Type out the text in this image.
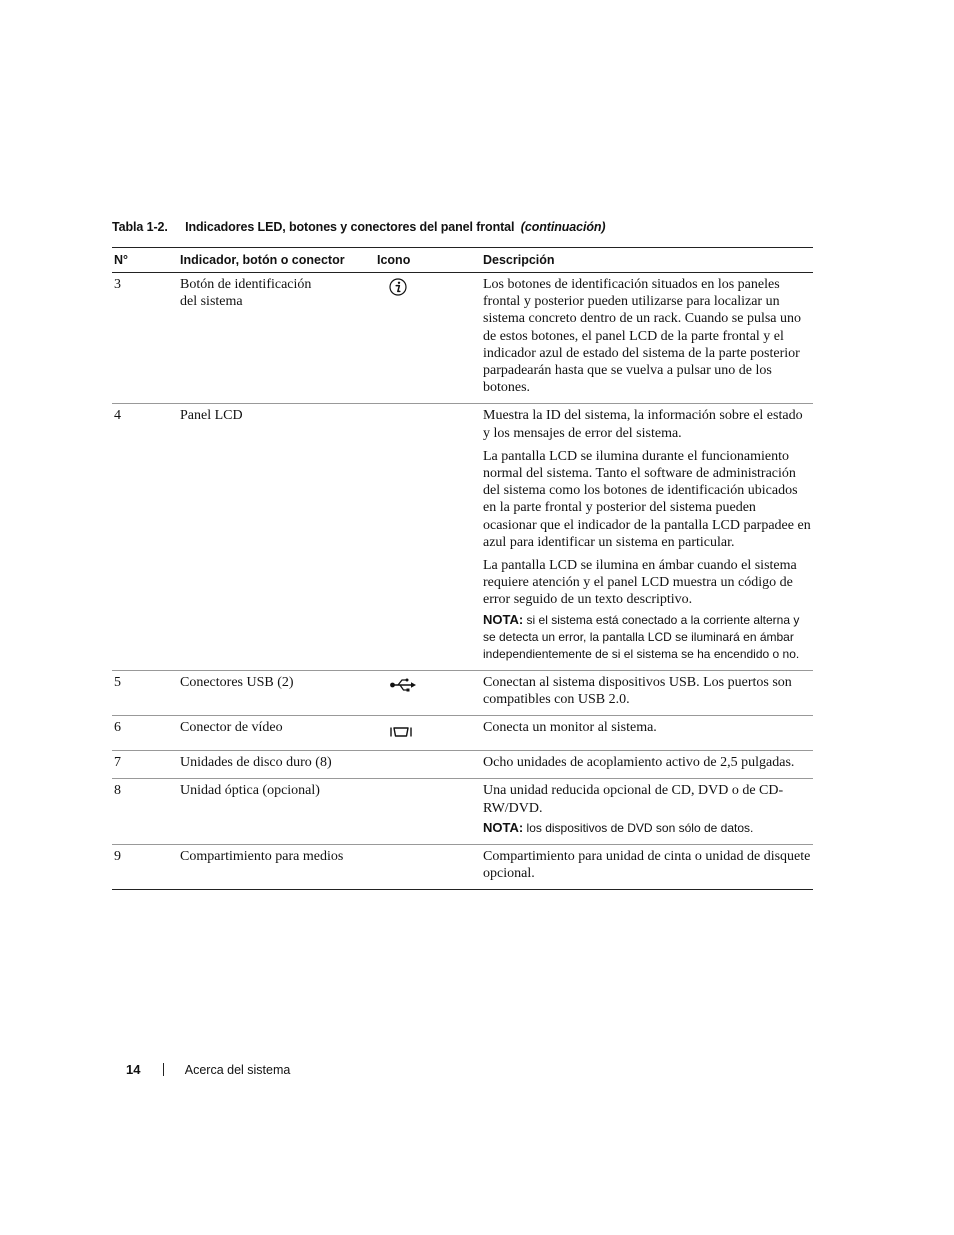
Tabla 1-2. Indicadores LED, botones y conectores del panel frontal (continuación)
N°	Indicador, botón o conector	Icono	Descripción
3	Botón de identificación
del sistema		Los botones de identificación situados en los paneles frontal y posterior pueden utilizarse para localizar un sistema concreto dentro de un rack. Cuando se pulsa uno de estos botones, el panel LCD de la parte frontal y el indicador azul de estado del sistema de la parte posterior parpadearán hasta que se vuelva a pulsar uno de los botones.

4	Panel LCD		Muestra la ID del sistema, la información sobre el estado y los mensajes de error del sistema.
La pantalla LCD se ilumina durante el funcionamiento normal del sistema. Tanto el software de administración del sistema como los botones de identificación ubicados en la parte frontal y posterior del sistema pueden ocasionar que el indicador de la pantalla LCD parpadee en azul para identificar un sistema en particular.
La pantalla LCD se ilumina en ámbar cuando el sistema requiere atención y el panel LCD muestra un código de error seguido de un texto descriptivo.

NOTA: si el sistema está conectado a la corriente alterna y se detecta un error, la pantalla LCD se iluminará en ámbar independientemente de si el sistema se ha encendido o no.

5	Conectores USB (2)		Conectan al sistema dispositivos USB. Los puertos son compatibles con USB 2.0.

6	Conector de vídeo		Conecta un monitor al sistema.

7	Unidades de disco duro (8)		Ocho unidades de acoplamiento activo de 2,5 pulgadas.

8	Unidad óptica (opcional)		Una unidad reducida opcional de CD, DVD o de CD-RW/DVD.

NOTA: los dispositivos de DVD son sólo de datos.

9	Compartimiento para medios		Compartimiento para unidad de cinta o unidad de disquete opcional.
14	Acerca del sistema
